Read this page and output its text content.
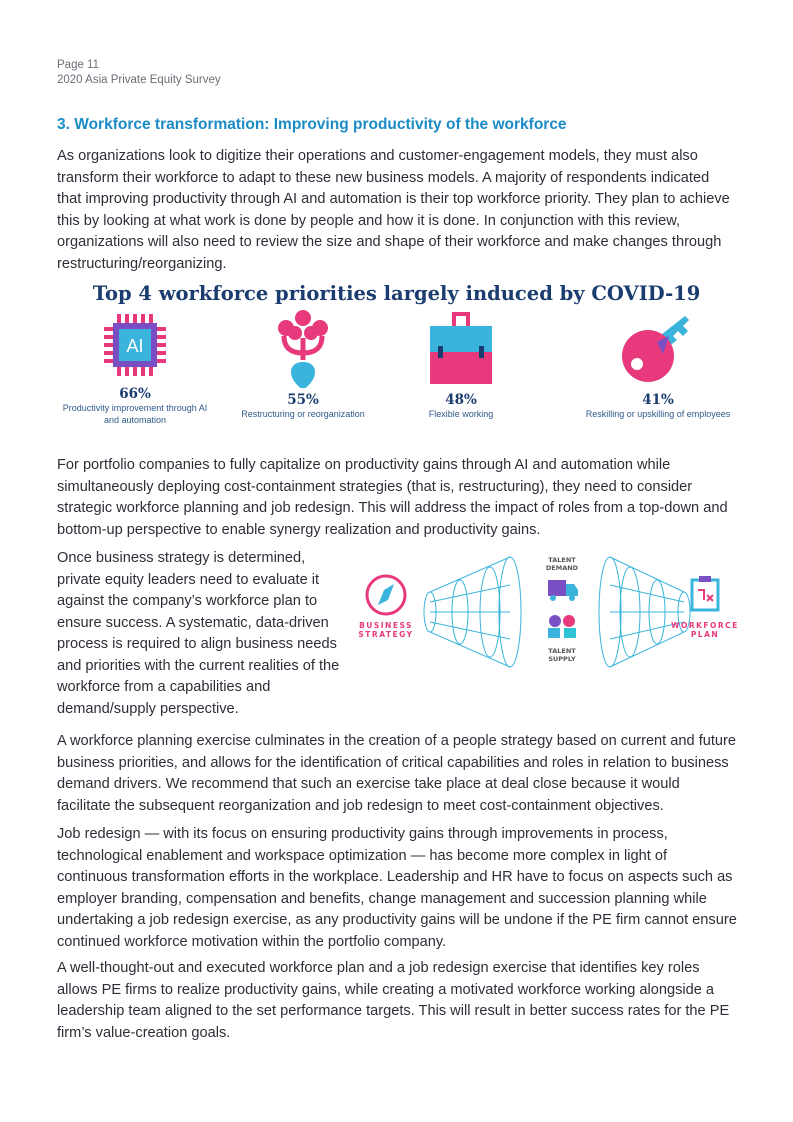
Page 11
2020 Asia Private Equity Survey
3. Workforce transformation: Improving productivity of the workforce

As organizations look to digitize their operations and customer-engagement models, they must also transform their workforce to adapt to these new business models. A majority of respondents indicated that improving productivity through AI and automation is their top workforce priority. They plan to achieve this by looking at what work is done by people and how it is done. In conjunction with this review, organizations will also need to review the size and shape of their workforce and make changes through restructuring/reorganizing.

Top 4 workforce priorities largely induced by COVID-19
AI
66%
Productivity improvement through AI and automation
55%
Restructuring or reorganization
48%
Flexible working
41%
Reskilling or upskilling of employees

For portfolio companies to fully capitalize on productivity gains through AI and automation while simultaneously deploying cost-containment strategies (that is, restructuring), they need to consider strategic workforce planning and job redesign. This will address the impact of roles from a top-down and bottom-up perspective to enable synergy realization and productivity gains.

Once business strategy is determined, private equity leaders need to evaluate it against the company’s workforce plan to ensure success. A systematic, data-driven process is required to align business needs and priorities with the current realities of the workforce from a capabilities and demand/supply perspective.

BUSINESS
STRATEGY
TALENT
DEMAND
TALENT
SUPPLY
WORKFORCE
PLAN

A workforce planning exercise culminates in the creation of a people strategy based on current and future business priorities, and allows for the identification of critical capabilities and roles in relation to business demand drivers. We recommend that such an exercise take place at deal close because it would facilitate the subsequent reorganization and job redesign to meet cost-containment objectives.

Job redesign — with its focus on ensuring productivity gains through improvements in process, technological enablement and workspace optimization — has become more complex in light of continuous transformation efforts in the workplace. Leadership and HR have to focus on aspects such as employer branding, compensation and benefits, change management and succession planning while undertaking a job redesign exercise, as any productivity gains will be undone if the PE firm cannot ensure continued workforce motivation within the portfolio company.

A well-thought-out and executed workforce plan and a job redesign exercise that identifies key roles allows PE firms to realize productivity gains, while creating a motivated workforce working alongside a leadership team aligned to the set performance targets. This will result in better success rates for the PE firm’s value-creation goals.
